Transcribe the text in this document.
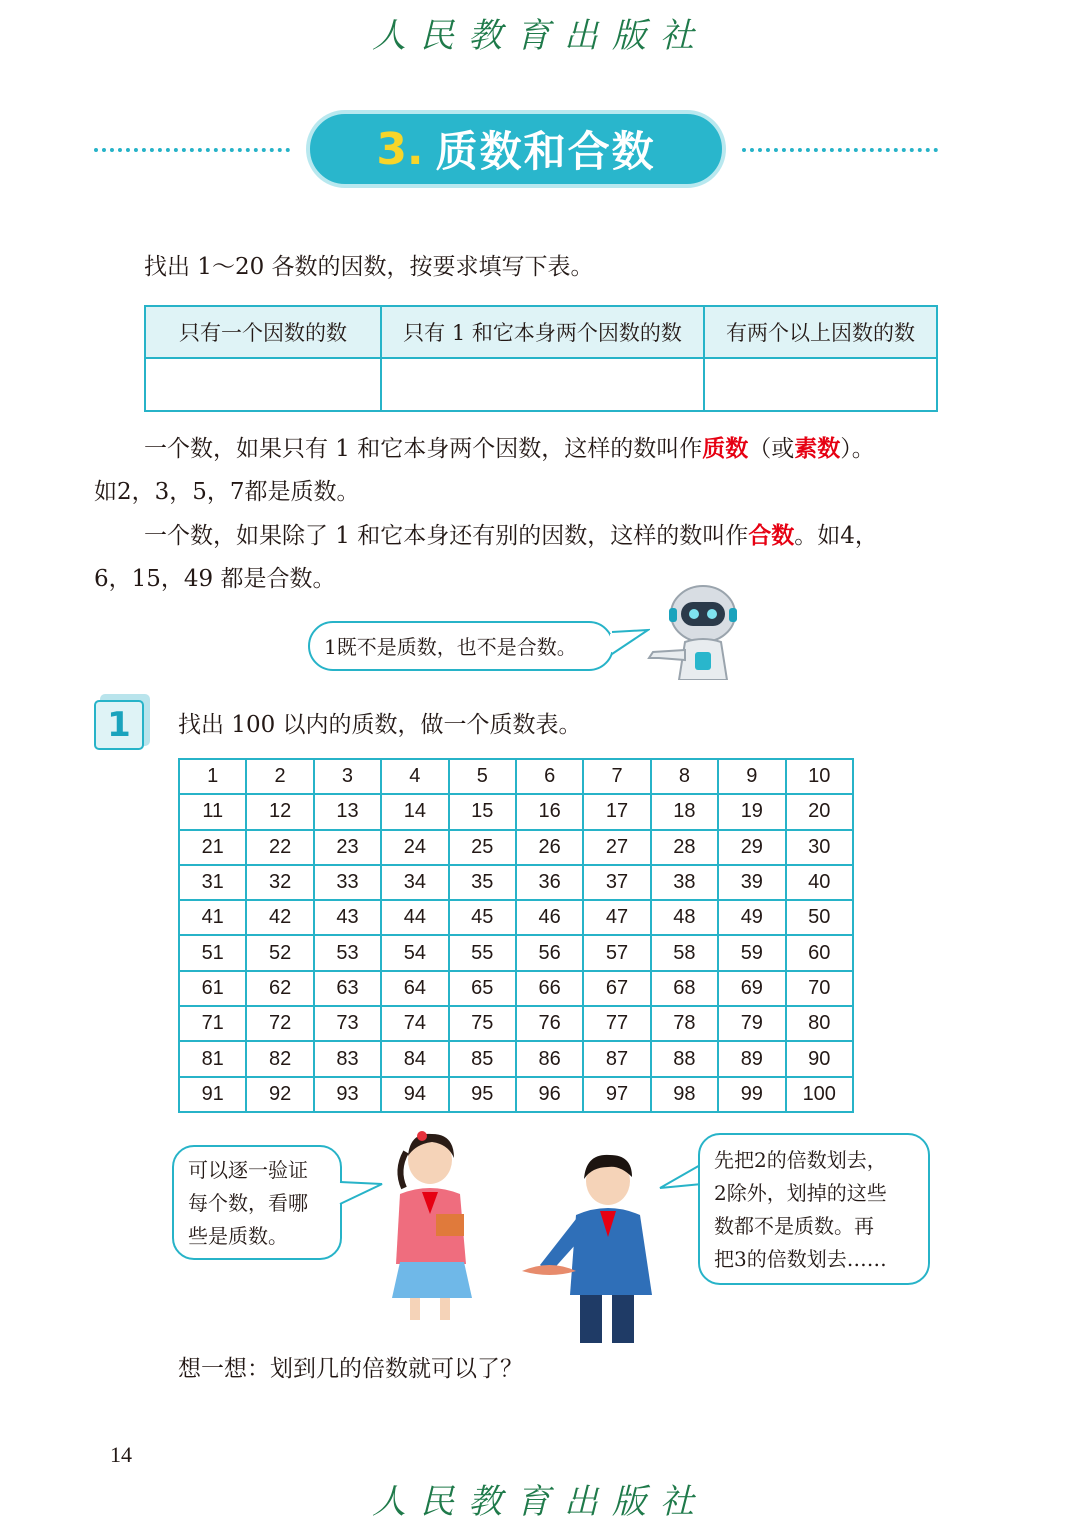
人民教育出版社
3. 质数和合数
找出 1～20 各数的因数，按要求填写下表。
只有一个因数的数	只有 1 和它本身两个因数的数	有两个以上因数的数

一个数，如果只有 1 和它本身两个因数，这样的数叫作质数（或素数）。
如2，3，5，7都是质数。
一个数，如果除了 1 和它本身还有别的因数，这样的数叫作合数。如4，
6，15，49 都是合数。
1既不是质数，也不是合数。
1	找出 100 以内的质数，做一个质数表。
1	2	3	4	5	6	7	8	9	10
11	12	13	14	15	16	17	18	19	20
21	22	23	24	25	26	27	28	29	30
31	32	33	34	35	36	37	38	39	40
41	42	43	44	45	46	47	48	49	50
51	52	53	54	55	56	57	58	59	60
61	62	63	64	65	66	67	68	69	70
71	72	73	74	75	76	77	78	79	80
81	82	83	84	85	86	87	88	89	90
91	92	93	94	95	96	97	98	99	100
可以逐一验证
每个数，看哪
些是质数。
先把2的倍数划去，
2除外，划掉的这些
数都不是质数。再
把3的倍数划去……
想一想：划到几的倍数就可以了？
14
人民教育出版社
